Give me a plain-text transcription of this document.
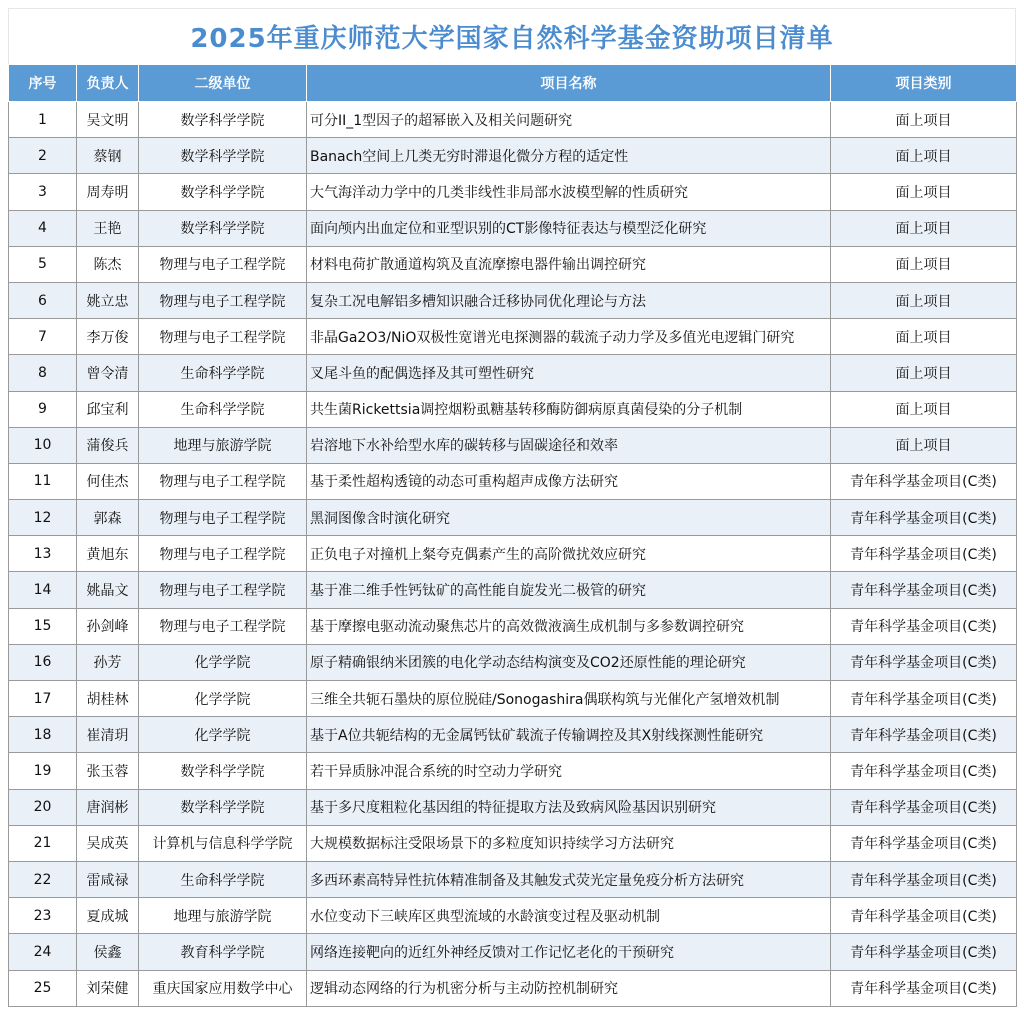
2025年重庆师范大学国家自然科学基金资助项目清单
序号	负责人	二级单位	项目名称	项目类别
1	吴文明	数学科学学院	可分II_1型因子的超幂嵌入及相关问题研究	面上项目
2	蔡钢	数学科学学院	Banach空间上几类无穷时滞退化微分方程的适定性	面上项目
3	周寿明	数学科学学院	大气海洋动力学中的几类非线性非局部水波模型解的性质研究	面上项目
4	王艳	数学科学学院	面向颅内出血定位和亚型识别的CT影像特征表达与模型泛化研究	面上项目
5	陈杰	物理与电子工程学院	材料电荷扩散通道构筑及直流摩擦电器件输出调控研究	面上项目
6	姚立忠	物理与电子工程学院	复杂工况电解铝多槽知识融合迁移协同优化理论与方法	面上项目
7	李万俊	物理与电子工程学院	非晶Ga2O3/NiO双极性宽谱光电探测器的载流子动力学及多值光电逻辑门研究	面上项目
8	曾令清	生命科学学院	叉尾斗鱼的配偶选择及其可塑性研究	面上项目
9	邱宝利	生命科学学院	共生菌Rickettsia调控烟粉虱糖基转移酶防御病原真菌侵染的分子机制	面上项目
10	蒲俊兵	地理与旅游学院	岩溶地下水补给型水库的碳转移与固碳途径和效率	面上项目
11	何佳杰	物理与电子工程学院	基于柔性超构透镜的动态可重构超声成像方法研究	青年科学基金项目(C类)
12	郭森	物理与电子工程学院	黑洞图像含时演化研究	青年科学基金项目(C类)
13	黄旭东	物理与电子工程学院	正负电子对撞机上粲夸克偶素产生的高阶微扰效应研究	青年科学基金项目(C类)
14	姚晶文	物理与电子工程学院	基于准二维手性钙钛矿的高性能自旋发光二极管的研究	青年科学基金项目(C类)
15	孙剑峰	物理与电子工程学院	基于摩擦电驱动流动聚焦芯片的高效微液滴生成机制与多参数调控研究	青年科学基金项目(C类)
16	孙芳	化学学院	原子精确银纳米团簇的电化学动态结构演变及CO2还原性能的理论研究	青年科学基金项目(C类)
17	胡桂林	化学学院	三维全共轭石墨炔的原位脱硅/Sonogashira偶联构筑与光催化产氢增效机制	青年科学基金项目(C类)
18	崔清玥	化学学院	基于A位共轭结构的无金属钙钛矿载流子传输调控及其X射线探测性能研究	青年科学基金项目(C类)
19	张玉蓉	数学科学学院	若干异质脉冲混合系统的时空动力学研究	青年科学基金项目(C类)
20	唐润彬	数学科学学院	基于多尺度粗粒化基因组的特征提取方法及致病风险基因识别研究	青年科学基金项目(C类)
21	吴成英	计算机与信息科学学院	大规模数据标注受限场景下的多粒度知识持续学习方法研究	青年科学基金项目(C类)
22	雷咸禄	生命科学学院	多西环素高特异性抗体精准制备及其触发式荧光定量免疫分析方法研究	青年科学基金项目(C类)
23	夏成城	地理与旅游学院	水位变动下三峡库区典型流域的水龄演变过程及驱动机制	青年科学基金项目(C类)
24	侯鑫	教育科学学院	网络连接靶向的近红外神经反馈对工作记忆老化的干预研究	青年科学基金项目(C类)
25	刘荣健	重庆国家应用数学中心	逻辑动态网络的行为机密分析与主动防控机制研究	青年科学基金项目(C类)
